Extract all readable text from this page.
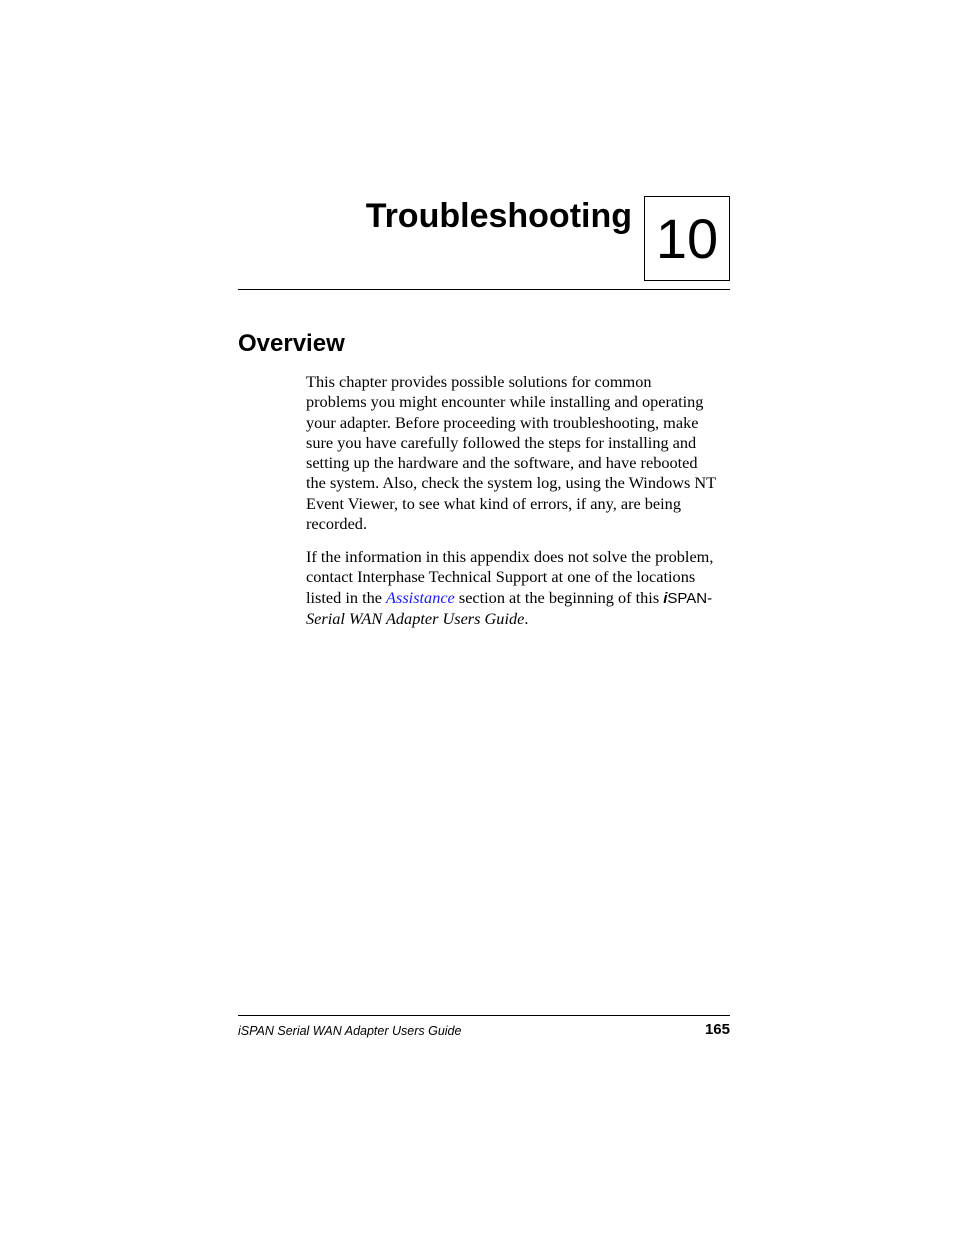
Troubleshooting 10
Overview

This chapter provides possible solutions for common
problems you might encounter while installing and operating
your adapter. Before proceeding with troubleshooting, make
sure you have carefully followed the steps for installing and
setting up the hardware and the software, and have rebooted
the system. Also, check the system log, using the Windows NT
Event Viewer, to see what kind of errors, if any, are being
recorded.

If the information in this appendix does not solve the problem,
contact Interphase Technical Support at one of the locations
listed in the Assistance section at the beginning of this iSPAN-
Serial WAN Adapter Users Guide.

iSPAN Serial WAN Adapter Users Guide	165
